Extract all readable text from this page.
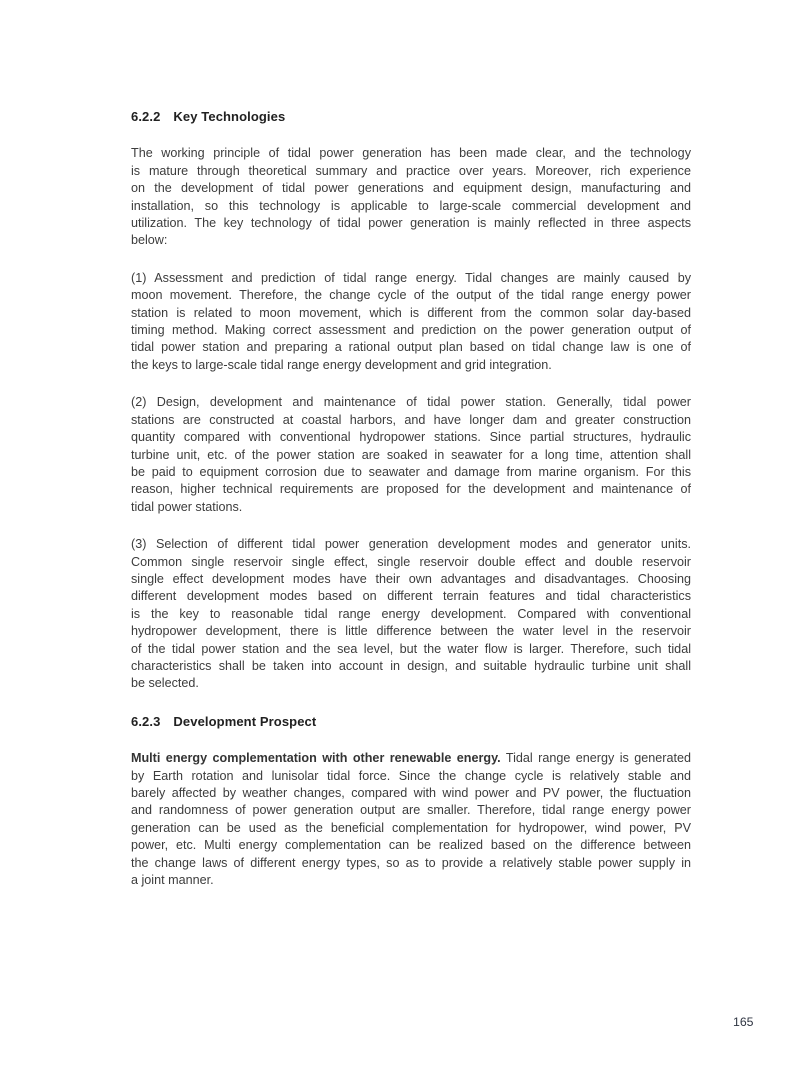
6.2.2 Key Technologies
The working principle of tidal power generation has been made clear, and the technology
is mature through theoretical summary and practice over years. Moreover, rich experience
on the development of tidal power generations and equipment design, manufacturing and
installation, so this technology is applicable to large-scale commercial development and
utilization. The key technology of tidal power generation is mainly reflected in three aspects
below:
(1) Assessment and prediction of tidal range energy. Tidal changes are mainly caused by
moon movement. Therefore, the change cycle of the output of the tidal range energy power
station is related to moon movement, which is different from the common solar day-based
timing method. Making correct assessment and prediction on the power generation output of
tidal power station and preparing a rational output plan based on tidal change law is one of
the keys to large-scale tidal range energy development and grid integration.
(2) Design, development and maintenance of tidal power station. Generally, tidal power
stations are constructed at coastal harbors, and have longer dam and greater construction
quantity compared with conventional hydropower stations. Since partial structures, hydraulic
turbine unit, etc. of the power station are soaked in seawater for a long time, attention shall
be paid to equipment corrosion due to seawater and damage from marine organism. For this
reason, higher technical requirements are proposed for the development and maintenance of
tidal power stations.
(3) Selection of different tidal power generation development modes and generator units.
Common single reservoir single effect, single reservoir double effect and double reservoir
single effect development modes have their own advantages and disadvantages. Choosing
different development modes based on different terrain features and tidal characteristics
is the key to reasonable tidal range energy development. Compared with conventional
hydropower development, there is little difference between the water level in the reservoir
of the tidal power station and the sea level, but the water flow is larger. Therefore, such tidal
characteristics shall be taken into account in design, and suitable hydraulic turbine unit shall
be selected.
6.2.3 Development Prospect
Multi energy complementation with other renewable energy. Tidal range energy is generated
by Earth rotation and lunisolar tidal force. Since the change cycle is relatively stable and
barely affected by weather changes, compared with wind power and PV power, the fluctuation
and randomness of power generation output are smaller. Therefore, tidal range energy power
generation can be used as the beneficial complementation for hydropower, wind power, PV
power, etc. Multi energy complementation can be realized based on the difference between
the change laws of different energy types, so as to provide a relatively stable power supply in
a joint manner.
165
